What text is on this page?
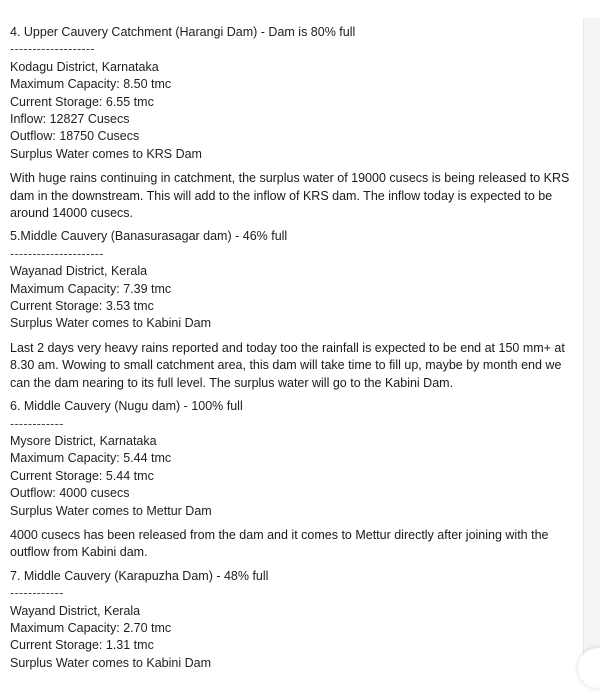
4. Upper Cauvery Catchment (Harangi Dam) - Dam is 80% full

-------------------

Kodagu District, Karnataka

Maximum Capacity: 8.50 tmc

Current Storage: 6.55 tmc

Inflow: 12827 Cusecs

Outflow: 18750 Cusecs

Surplus Water comes to KRS Dam

With huge rains continuing in catchment, the surplus water of 19000 cusecs is being released to KRS dam in the downstream. This will add to the inflow of KRS dam. The inflow today is expected to be around 14000 cusecs.

5.Middle Cauvery (Banasurasagar dam) - 46% full

---------------------

Wayanad District, Kerala

Maximum Capacity: 7.39 tmc

Current Storage: 3.53 tmc

Surplus Water comes to Kabini Dam

Last 2 days very heavy rains reported and today too the rainfall is expected to be end at 150 mm+ at 8.30 am. Wowing to small catchment area, this dam will take time to fill up, maybe by month end we can the dam nearing to its full level. The surplus water will go to the Kabini Dam.

6. Middle Cauvery (Nugu dam) - 100% full

------------

Mysore District, Karnataka

Maximum Capacity: 5.44 tmc

Current Storage: 5.44 tmc

Outflow: 4000 cusecs

Surplus Water comes to Mettur Dam

4000 cusecs has been released from the dam and it comes to Mettur directly after joining with the outflow from Kabini dam.

7. Middle Cauvery (Karapuzha Dam) - 48% full

------------

Wayand District, Kerala

Maximum Capacity: 2.70 tmc

Current Storage: 1.31 tmc

Surplus Water comes to Kabini Dam
